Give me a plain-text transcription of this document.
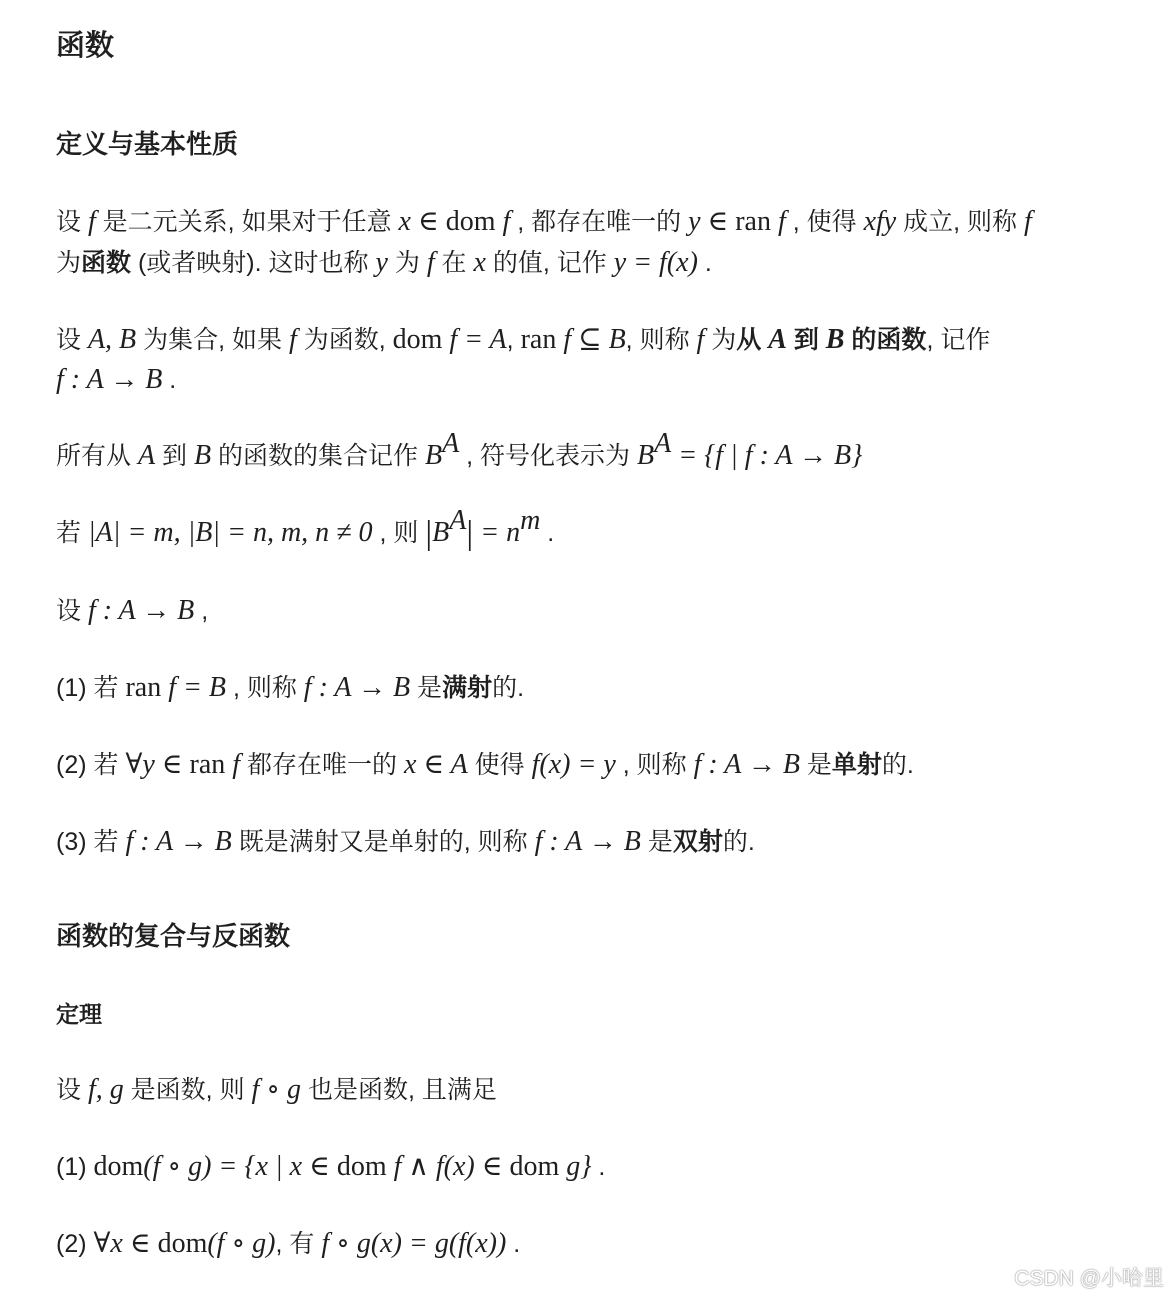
函数
定义与基本性质
设 f 是二元关系, 如果对于任意 x ∈ dom f , 都存在唯一的 y ∈ ran f , 使得 xfy 成立, 则称 f
为函数 (或者映射). 这时也称 y 为 f 在 x 的值, 记作 y = f(x) .
设 A, B 为集合, 如果 f 为函数, dom f = A, ran f ⊆ B, 则称 f 为从 A 到 B 的函数, 记作
f : A → B .
所有从 A 到 B 的函数的集合记作 $B^A$ , 符号化表示为 $B^A = \{f$ | f : A → B}
若 |A| = m, |B| = n, m, n ≠ 0 , 则 $|B^A| = n^m$ .
设 f : A → B ,
(1) 若 ran f = B , 则称 f : A → B 是满射的.
(2) 若 ∀y ∈ ran f 都存在唯一的 x ∈ A 使得 f(x) = y , 则称 f : A → B 是单射的.
(3) 若 f : A → B 既是满射又是单射的, 则称 f : A → B 是双射的.
函数的复合与反函数
定理
设 f, g 是函数, 则 f ∘ g 也是函数, 且满足
(1) dom(f ∘ g) = {x | x ∈ dom f ∧ f(x) ∈ dom g} .
(2) ∀x ∈ dom(f ∘ g), 有 f ∘ g(x) = g(f(x)) .
CSDN @小哈里
